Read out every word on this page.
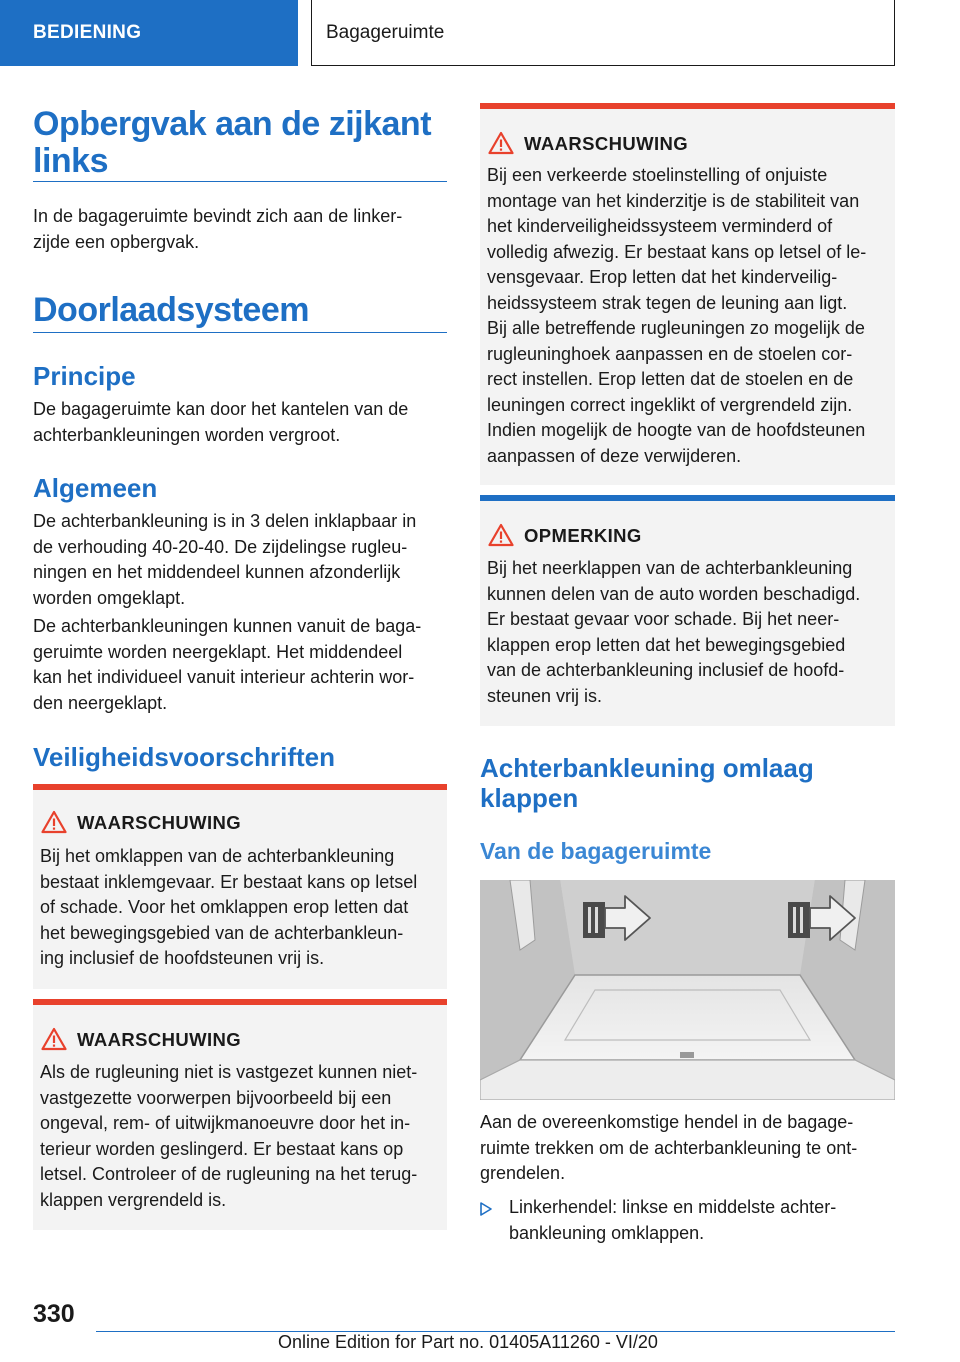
BEDIENING	Bagageruimte
Opbergvak aan de zijkant links
In de bagageruimte bevindt zich aan de linker-
zijde een opbergvak.
Doorlaadsysteem
Principe
De bagageruimte kan door het kantelen van de
achterbankleuningen worden vergroot.
Algemeen
De achterbankleuning is in 3 delen inklapbaar in
de verhouding 40-20-40. De zijdelingse rugleu-
ningen en het middendeel kunnen afzonderlijk
worden omgeklapt.
De achterbankleuningen kunnen vanuit de baga-
geruimte worden neergeklapt. Het middendeel
kan het individueel vanuit interieur achterin wor-
den neergeklapt.
Veiligheidsvoorschriften
WAARSCHUWING
Bij het omklappen van de achterbankleuning
bestaat inklemgevaar. Er bestaat kans op letsel
of schade. Voor het omklappen erop letten dat
het bewegingsgebied van de achterbankleun-
ing inclusief de hoofdsteunen vrij is.
WAARSCHUWING
Als de rugleuning niet is vastgezet kunnen niet-
vastgezette voorwerpen bijvoorbeeld bij een
ongeval, rem- of uitwijkmanoeuvre door het in-
terieur worden geslingerd. Er bestaat kans op
letsel. Controleer of de rugleuning na het terug-
klappen vergrendeld is.
WAARSCHUWING
Bij een verkeerde stoelinstelling of onjuiste
montage van het kinderzitje is de stabiliteit van
het kinderveiligheidssysteem verminderd of
volledig afwezig. Er bestaat kans op letsel of le-
vensgevaar. Erop letten dat het kinderveilig-
heidssysteem strak tegen de leuning aan ligt.
Bij alle betreffende rugleuningen zo mogelijk de
rugleuninghoek aanpassen en de stoelen cor-
rect instellen. Erop letten dat de stoelen en de
leuningen correct ingeklikt of vergrendeld zijn.
Indien mogelijk de hoogte van de hoofdsteunen
aanpassen of deze verwijderen.
OPMERKING
Bij het neerklappen van de achterbankleuning
kunnen delen van de auto worden beschadigd.
Er bestaat gevaar voor schade. Bij het neer-
klappen erop letten dat het bewegingsgebied
van de achterbankleuning inclusief de hoofd-
steunen vrij is.
Achterbankleuning omlaag klappen
Van de bagageruimte
Aan de overeenkomstige hendel in de bagage-
ruimte trekken om de achterbankleuning te ont-
grendelen.
Linkerhendel: linkse en middelste achter-
bankleuning omklappen.
330
Online Edition for Part no. 01405A11260 - VI/20
